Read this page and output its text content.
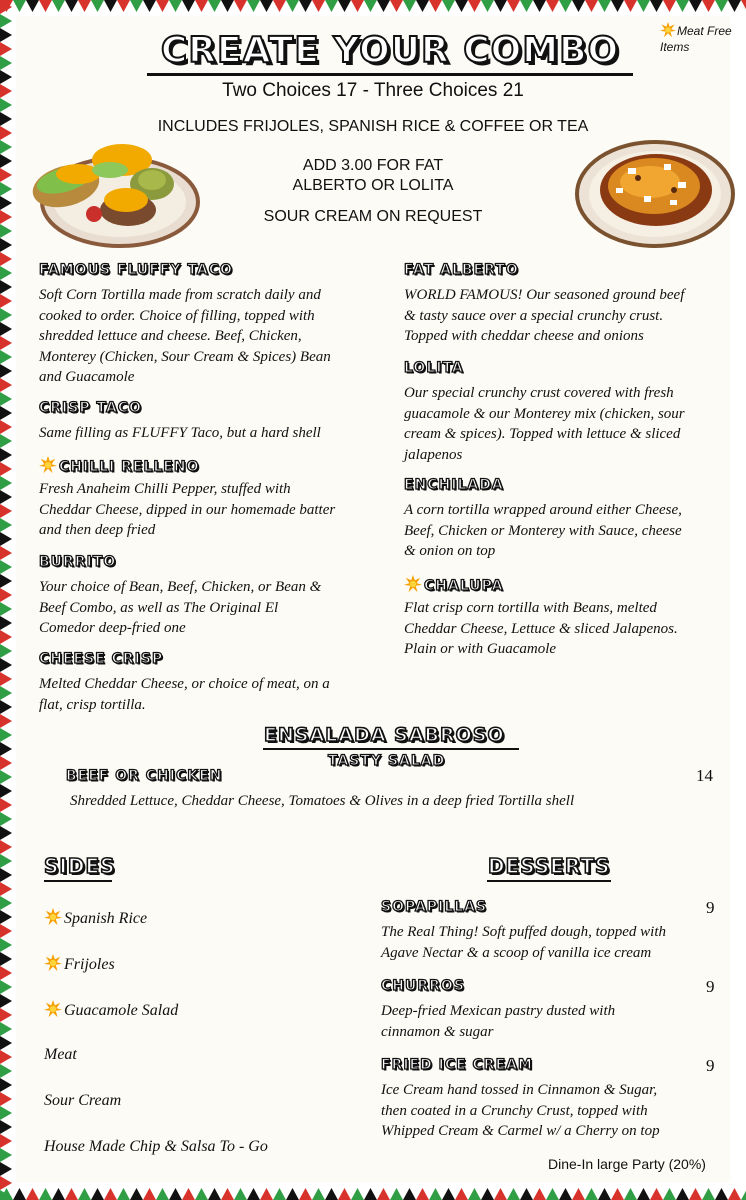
CREATE YOUR COMBO	Meat Free Items
Two Choices 17 - Three Choices 21
INCLUDES FRIJOLES, SPANISH RICE & COFFEE OR TEA
ADD 3.00 FOR FAT
ALBERTO OR LOLITA
SOUR CREAM ON REQUEST
FAMOUS FLUFFY TACO
Soft Corn Tortilla made from scratch daily and
cooked to order. Choice of filling, topped with
shredded lettuce and cheese. Beef, Chicken,
Monterey (Chicken, Sour Cream & Spices) Bean
and Guacamole
CRISP TACO
Same filling as FLUFFY Taco, but a hard shell
CHILLI RELLENO
Fresh Anaheim Chilli Pepper, stuffed with
Cheddar Cheese, dipped in our homemade batter
and then deep fried
BURRITO
Your choice of Bean, Beef, Chicken, or Bean &
Beef Combo, as well as The Original El
Comedor deep-fried one
CHEESE CRISP
Melted Cheddar Cheese, or choice of meat, on a
flat, crisp tortilla.
FAT ALBERTO
WORLD FAMOUS! Our seasoned ground beef
& tasty sauce over a special crunchy crust.
Topped with cheddar cheese and onions
LOLITA
Our special crunchy crust covered with fresh
guacamole & our Monterey mix (chicken, sour
cream & spices). Topped with lettuce & sliced
jalapenos
ENCHILADA
A corn tortilla wrapped around either Cheese,
Beef, Chicken or Monterey with Sauce, cheese
& onion on top
CHALUPA
Flat crisp corn tortilla with Beans, melted
Cheddar Cheese, Lettuce & sliced Jalapenos.
Plain or with Guacamole
ENSALADA SABROSO
TASTY SALAD
BEEF OR CHICKEN	14
Shredded Lettuce, Cheddar Cheese, Tomatoes & Olives in a deep fried Tortilla shell
SIDES
Spanish Rice
Frijoles
Guacamole Salad
Meat
Sour Cream
House Made Chip & Salsa To - Go
DESSERTS
SOPAPILLAS	9
The Real Thing! Soft puffed dough, topped with
Agave Nectar & a scoop of vanilla ice cream
CHURROS	9
Deep-fried Mexican pastry dusted with
cinnamon & sugar
FRIED ICE CREAM	9
Ice Cream hand tossed in Cinnamon & Sugar,
then coated in a Crunchy Crust, topped with
Whipped Cream & Carmel w/ a Cherry on top
Dine-In large Party (20%)
